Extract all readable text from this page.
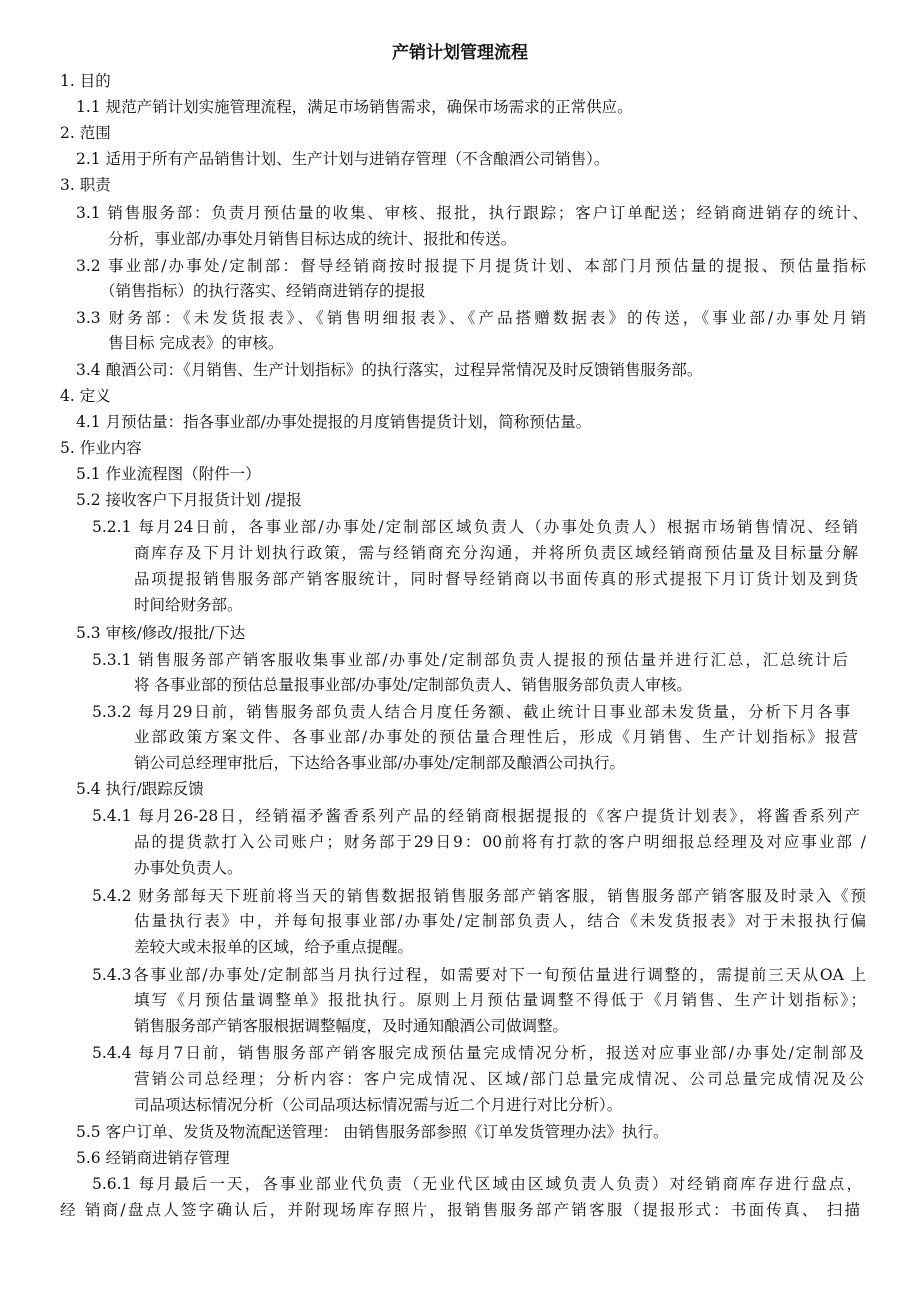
产销计划管理流程
1. 目的
1.1 规范产销计划实施管理流程，满足市场销售需求，确保市场需求的正常供应。
2. 范围
2.1 适用于所有产品销售计划、生产计划与进销存管理（不含酿酒公司销售）。
3. 职责
3.1 销售服务部：负责月预估量的收集、审核、报批，执行跟踪；客户订单配送；经销商进销存的统计、
分析，事业部/办事处月销售目标达成的统计、报批和传送。
3.2 事业部/办事处/定制部：督导经销商按时报提下月提货计划、本部门月预估量的提报、预估量指标
（销售指标）的执行落实、经销商进销存的提报
3.3 财务部：《未发货报表》、《销售明细报表》、《产品搭赠数据表》的传送，《事业部/办事处月销
售目标 完成表》的审核。
3.4 酿酒公司：《月销售、生产计划指标》的执行落实，过程异常情况及时反馈销售服务部。
4. 定义
4.1 月预估量：指各事业部/办事处提报的月度销售提货计划，简称预估量。
5. 作业内容
5.1 作业流程图（附件一）
5.2 接收客户下月报货计划 /提报
5.2.1 每月24日前，各事业部/办事处/定制部区域负责人（办事处负责人）根据市场销售情况、经销
商库存及下月计划执行政策，需与经销商充分沟通，并将所负责区域经销商预估量及目标量分解
品项提报销售服务部产销客服统计，同时督导经销商以书面传真的形式提报下月订货计划及到货
时间给财务部。
5.3 审核/修改/报批/下达
5.3.1 销售服务部产销客服收集事业部/办事处/定制部负责人提报的预估量并进行汇总，汇总统计后
将 各事业部的预估总量报事业部/办事处/定制部负责人、销售服务部负责人审核。
5.3.2 每月29日前，销售服务部负责人结合月度任务额、截止统计日事业部未发货量，分析下月各事
业部政策方案文件、各事业部/办事处的预估量合理性后，形成《月销售、生产计划指标》报营
销公司总经理审批后，下达给各事业部/办事处/定制部及酿酒公司执行。
5.4 执行/跟踪反馈
5.4.1 每月26-28日，经销福矛酱香系列产品的经销商根据提报的《客户提货计划表》，将酱香系列产
品的提货款打入公司账户；财务部于29日9：00前将有打款的客户明细报总经理及对应事业部 /
办事处负责人。
5.4.2 财务部每天下班前将当天的销售数据报销售服务部产销客服，销售服务部产销客服及时录入《预
估量执行表》中，并每旬报事业部/办事处/定制部负责人，结合《未发货报表》对于未报执行偏
差较大或未报单的区域，给予重点提醒。
5.4.3各事业部/办事处/定制部当月执行过程，如需要对下一旬预估量进行调整的，需提前三天从OA 上
填写《月预估量调整单》报批执行。原则上月预估量调整不得低于《月销售、生产计划指标》；
销售服务部产销客服根据调整幅度，及时通知酿酒公司做调整。
5.4.4 每月7日前，销售服务部产销客服完成预估量完成情况分析，报送对应事业部/办事处/定制部及
营销公司总经理；分析内容：客户完成情况、区域/部门总量完成情况、公司总量完成情况及公
司品项达标情况分析（公司品项达标情况需与近二个月进行对比分析）。
5.5 客户订单、发货及物流配送管理： 由销售服务部参照《订单发货管理办法》执行。
5.6 经销商进销存管理
5.6.1 每月最后一天，各事业部业代负责（无业代区域由区域负责人负责）对经销商库存进行盘点，
经 销商/盘点人签字确认后，并附现场库存照片，报销售服务部产销客服（提报形式：书面传真、 扫描
